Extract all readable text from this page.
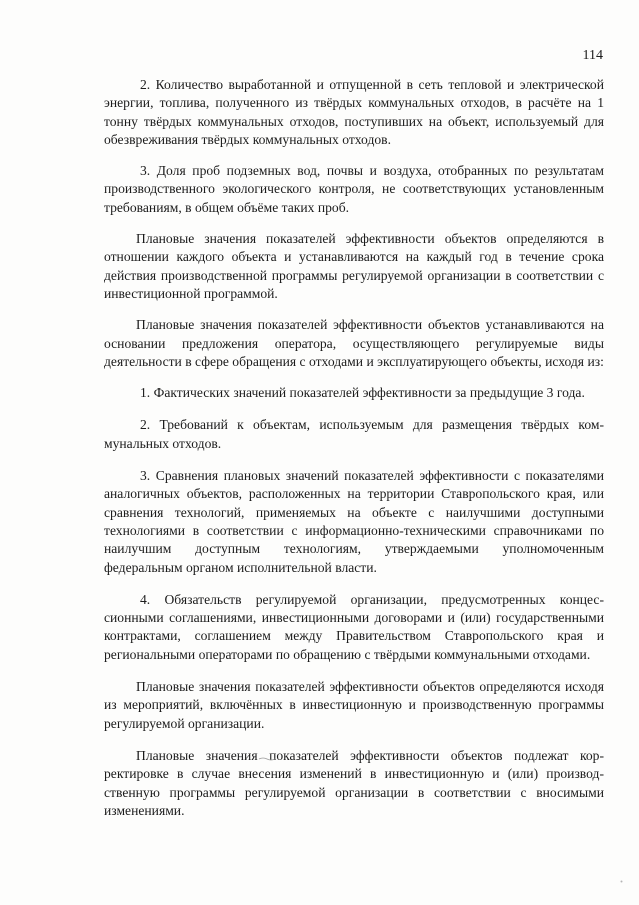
114

2. Количество выработанной и отпущенной в сеть тепловой и электрической энергии, топлива, полученного из твёрдых коммунальных отходов, в расчёте на 1 тонну твёрдых коммунальных отходов, поступивших на объект, используемый для обезвреживания твёрдых коммунальных отходов.

3. Доля проб подземных вод, почвы и воздуха, отобранных по результатам производственного экологического контроля, не соответствующих установленным требованиям, в общем объёме таких проб.

Плановые значения показателей эффективности объектов определяются в отношении каждого объекта и устанавливаются на каждый год в течение срока действия производственной программы регулируемой организации в соответствии с инвестиционной программой.

Плановые значения показателей эффективности объектов устанавливаются на основании предложения оператора, осуществляющего регулируемые виды деятельности в сфере обращения с отходами и эксплуатирующего объекты, исходя из:

1. Фактических значений показателей эффективности за предыдущие 3 года.

2. Требований к объектам, используемым для размещения твёрдых коммунальных отходов.

3. Сравнения плановых значений показателей эффективности с показателями аналогичных объектов, расположенных на территории Ставропольского края, или сравнения технологий, применяемых на объекте с наилучшими доступными технологиями в соответствии с информационно-техническими справочниками по наилучшим доступным технологиям, утверждаемыми уполномоченным федеральным органом исполнительной власти.

4. Обязательств регулируемой организации, предусмотренных концессионными соглашениями, инвестиционными договорами и (или) государственными контрактами, соглашением между Правительством Ставропольского края и региональными операторами по обращению с твёрдыми коммунальными отходами.

Плановые значения показателей эффективности объектов определяются исходя из мероприятий, включённых в инвестиционную и производственную программы регулируемой организации.

Плановые значения показателей эффективности объектов подлежат корректировке в случае внесения изменений в инвестиционную и (или) производственную программы регулируемой организации в соответствии с вносимыми изменениями.
